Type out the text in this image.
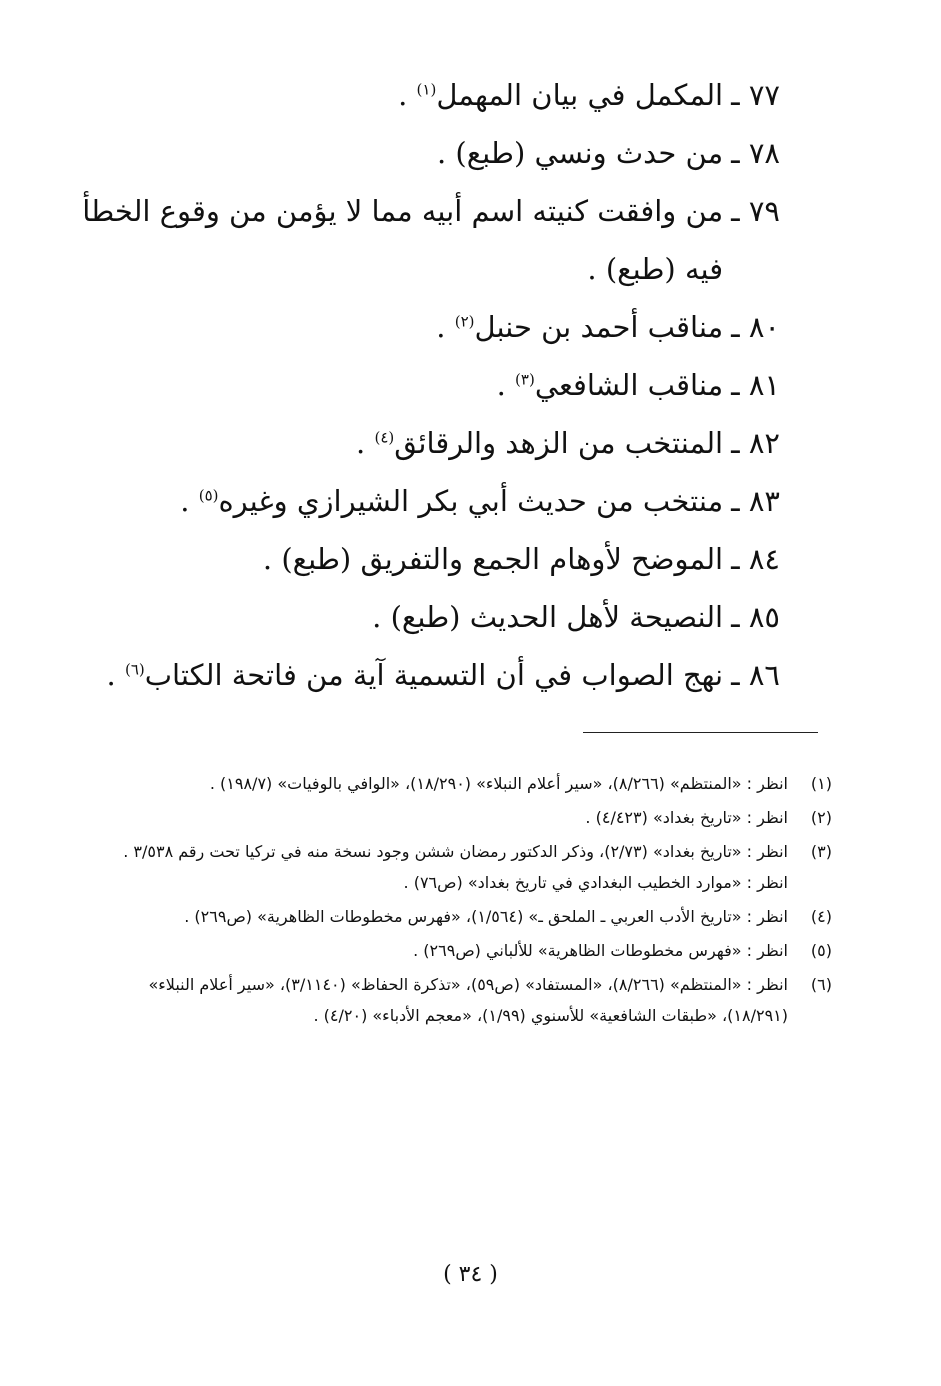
٧٧ ـ
المكمل في بيان المهمل$^{(١)}$ .
٧٨ ـ
من حدث ونسي (طبع) .
٧٩ ـ
من وافقت كنيته اسم أبيه مما لا يؤمن من وقوع الخطأ فيه (طبع) .
٨٠ ـ
مناقب أحمد بن حنبل$^{(٢)}$ .
٨١ ـ
مناقب الشافعي$^{(٣)}$ .
٨٢ ـ
المنتخب من الزهد والرقائق$^{(٤)}$ .
٨٣ ـ
منتخب من حديث أبي بكر الشيرازي وغيره$^{(٥)}$ .
٨٤ ـ
الموضح لأوهام الجمع والتفريق (طبع) .
٨٥ ـ
النصيحة لأهل الحديث (طبع) .
٨٦ ـ
نهج الصواب في أن التسمية آية من فاتحة الكتاب$^{(٦)}$ .
(١)
انظر : «المنتظم» (٨/٢٦٦)، «سير أعلام النبلاء» (١٨/٢٩٠)، «الوافي بالوفيات» (١٩٨/٧) .
(٢)
انظر : «تاريخ بغداد» (٤/٤٢٣) .
(٣)
انظر : «تاريخ بغداد» (٢/٧٣)، وذكر الدكتور رمضان ششن وجود نسخة منه في تركيا تحت رقم ٣/٥٣٨ .
انظر : «موارد الخطيب البغدادي في تاريخ بغداد» (ص٧٦) .
(٤)
انظر : «تاريخ الأدب العربي ـ الملحق ـ» (١/٥٦٤)، «فهرس مخطوطات الظاهرية» (ص٢٦٩) .
(٥)
انظر : «فهرس مخطوطات الظاهرية» للألباني (ص٢٦٩) .
(٦)
انظر : «المنتظم» (٨/٢٦٦)، «المستفاد» (ص٥٩)، «تذكرة الحفاظ» (٣/١١٤٠)، «سير أعلام النبلاء» (١٨/٢٩١)، «طبقات الشافعية» للأسنوي (١/٩٩)، «معجم الأدباء» (٤/٢٠) .
( ٣٤ )
